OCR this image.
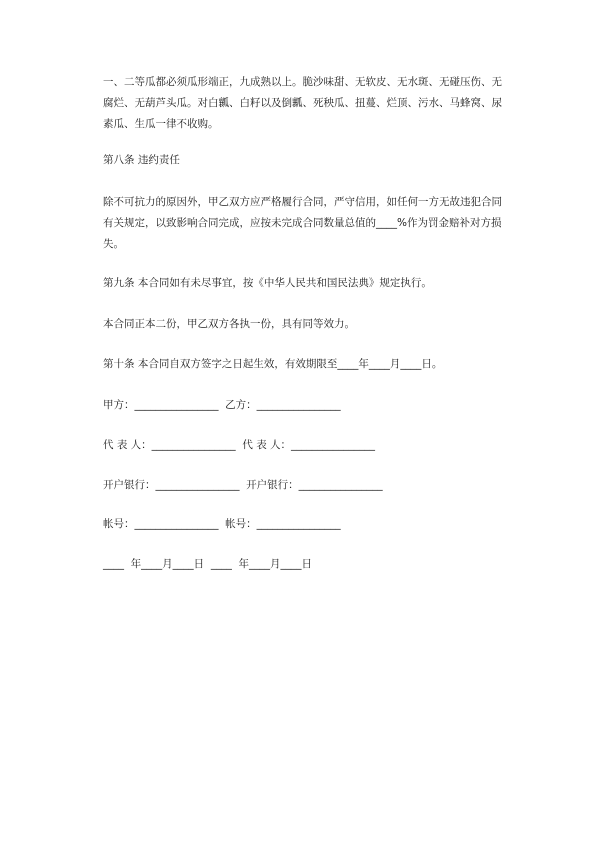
一、二等瓜都必须瓜形端正，九成熟以上。脆沙味甜、无软皮、无水斑、无碰压伤、无腐烂、无葫芦头瓜。对白瓤、白籽以及倒瓤、死秧瓜、扭蔓、烂顶、污水、马蜂窝、尿素瓜、生瓜一律不收购。

第八条 违约责任

除不可抗力的原因外，甲乙双方应严格履行合同，严守信用，如任何一方无故违犯合同有关规定，以致影响合同完成，应按未完成合同数量总值的____%作为罚金赔补对方损失。

第九条 本合同如有未尽事宜，按《中华人民共和国民法典》规定执行。

本合同正本二份，甲乙双方各执一份，具有同等效力。

第十条 本合同自双方签字之日起生效，有效期限至____年____月____日。

甲方：________________  乙方：________________

代 表 人：________________  代 表 人：________________

开户银行：________________  开户银行：________________

帐号：________________  帐号：________________

____  年____月____日  ____  年____月____日
